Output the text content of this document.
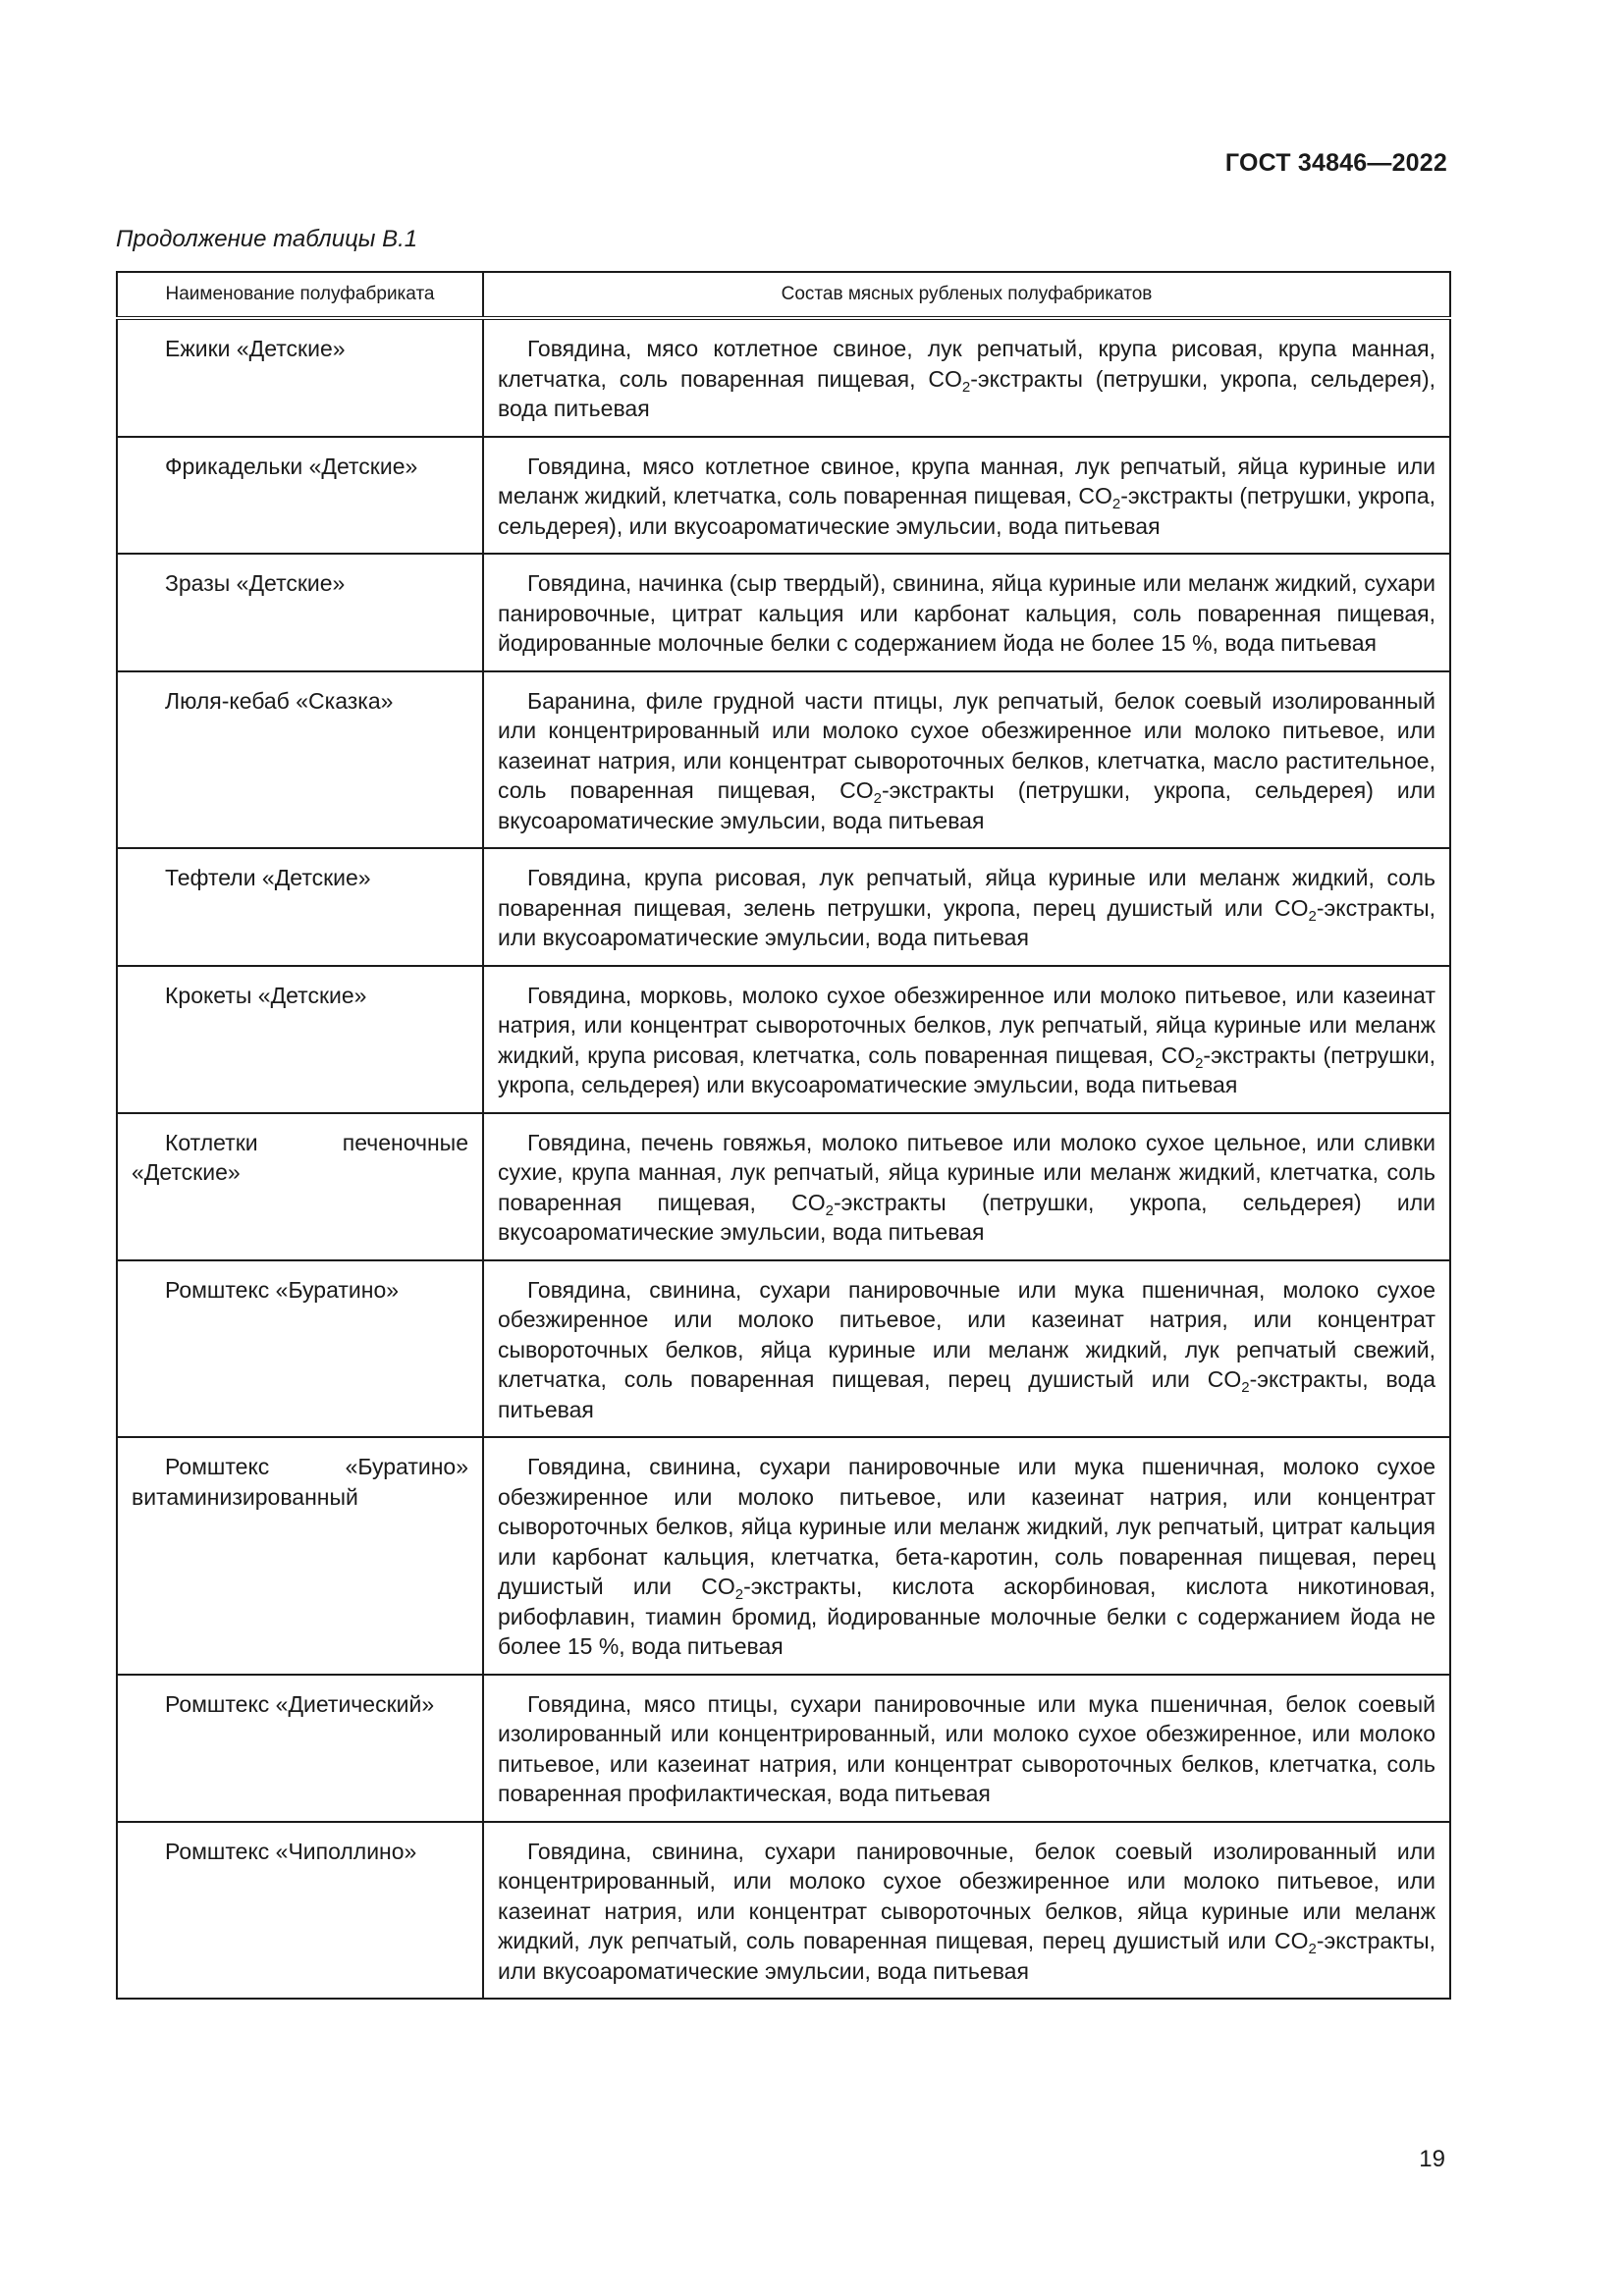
ГОСТ 34846—2022
Продолжение таблицы В.1
Наименование полуфабриката	Состав мясных рубленых полуфабрикатов

Ежики «Детские»	Говядина, мясо котлетное свиное, лук репчатый, крупа рисовая, крупа манная, клетчатка, соль поваренная пищевая, $CO_2$-экстракты (петрушки, укропа, сельдерея), вода питьевая

Фрикадельки «Детские»	Говядина, мясо котлетное свиное, крупа манная, лук репчатый, яйца куриные или меланж жидкий, клетчатка, соль поваренная пищевая, $CO_2$-экстракты (петрушки, укропа, сельдерея), или вкусоароматические эмульсии, вода питьевая

Зразы «Детские»	Говядина, начинка (сыр твердый), свинина, яйца куриные или меланж жидкий, сухари панировочные, цитрат кальция или карбонат кальция, соль поваренная пищевая, йодированные молочные белки с содержанием йода не более 15 %, вода питьевая

Люля-кебаб «Сказка»	Баранина, филе грудной части птицы, лук репчатый, белок соевый изолированный или концентрированный или молоко сухое обезжиренное или молоко питьевое, или казеинат натрия, или концентрат сывороточных белков, клетчатка, масло растительное, соль поваренная пищевая, $CO_2$-экстракты (петрушки, укропа, сельдерея) или вкусоароматические эмульсии, вода питьевая

Тефтели «Детские»	Говядина, крупа рисовая, лук репчатый, яйца куриные или меланж жидкий, соль поваренная пищевая, зелень петрушки, укропа, перец душистый или $CO_2$-экстракты, или вкусоароматические эмульсии, вода питьевая

Крокеты «Детские»	Говядина, морковь, молоко сухое обезжиренное или молоко питьевое, или казеинат натрия, или концентрат сывороточных белков, лук репчатый, яйца куриные или меланж жидкий, крупа рисовая, клетчатка, соль поваренная пищевая, $CO_2$-экстракты (петрушки, укропа, сельдерея) или вкусоароматические эмульсии, вода питьевая

Котлетки печеночные «Детские»	Говядина, печень говяжья, молоко питьевое или молоко сухое цельное, или сливки сухие, крупа манная, лук репчатый, яйца куриные или меланж жидкий, клетчатка, соль поваренная пищевая, $CO_2$-экстракты (петрушки, укропа, сельдерея) или вкусоароматические эмульсии, вода питьевая

Ромштекс «Буратино»	Говядина, свинина, сухари панировочные или мука пшеничная, молоко сухое обезжиренное или молоко питьевое, или казеинат натрия, или концентрат сывороточных белков, яйца куриные или меланж жидкий, лук репчатый свежий, клетчатка, соль поваренная пищевая, перец душистый или $CO_2$-экстракты, вода питьевая

Ромштекс «Буратино» витаминизированный	Говядина, свинина, сухари панировочные или мука пшеничная, молоко сухое обезжиренное или молоко питьевое, или казеинат натрия, или концентрат сывороточных белков, яйца куриные или меланж жидкий, лук репчатый, цитрат кальция или карбонат кальция, клетчатка, бета-каротин, соль поваренная пищевая, перец душистый или $CO_2$-экстракты, кислота аскорбиновая, кислота никотиновая, рибофлавин, тиамин бромид, йодированные молочные белки с содержанием йода не более 15 %, вода питьевая

Ромштекс «Диетический»	Говядина, мясо птицы, сухари панировочные или мука пшеничная, белок соевый изолированный или концентрированный, или молоко сухое обезжиренное, или молоко питьевое, или казеинат натрия, или концентрат сывороточных белков, клетчатка, соль поваренная профилактическая, вода питьевая

Ромштекс «Чиполлино»	Говядина, свинина, сухари панировочные, белок соевый изолированный или концентрированный, или молоко сухое обезжиренное или молоко питьевое, или казеинат натрия, или концентрат сывороточных белков, яйца куриные или меланж жидкий, лук репчатый, соль поваренная пищевая, перец душистый или $CO_2$-экстракты, или вкусоароматические эмульсии, вода питьевая
19
